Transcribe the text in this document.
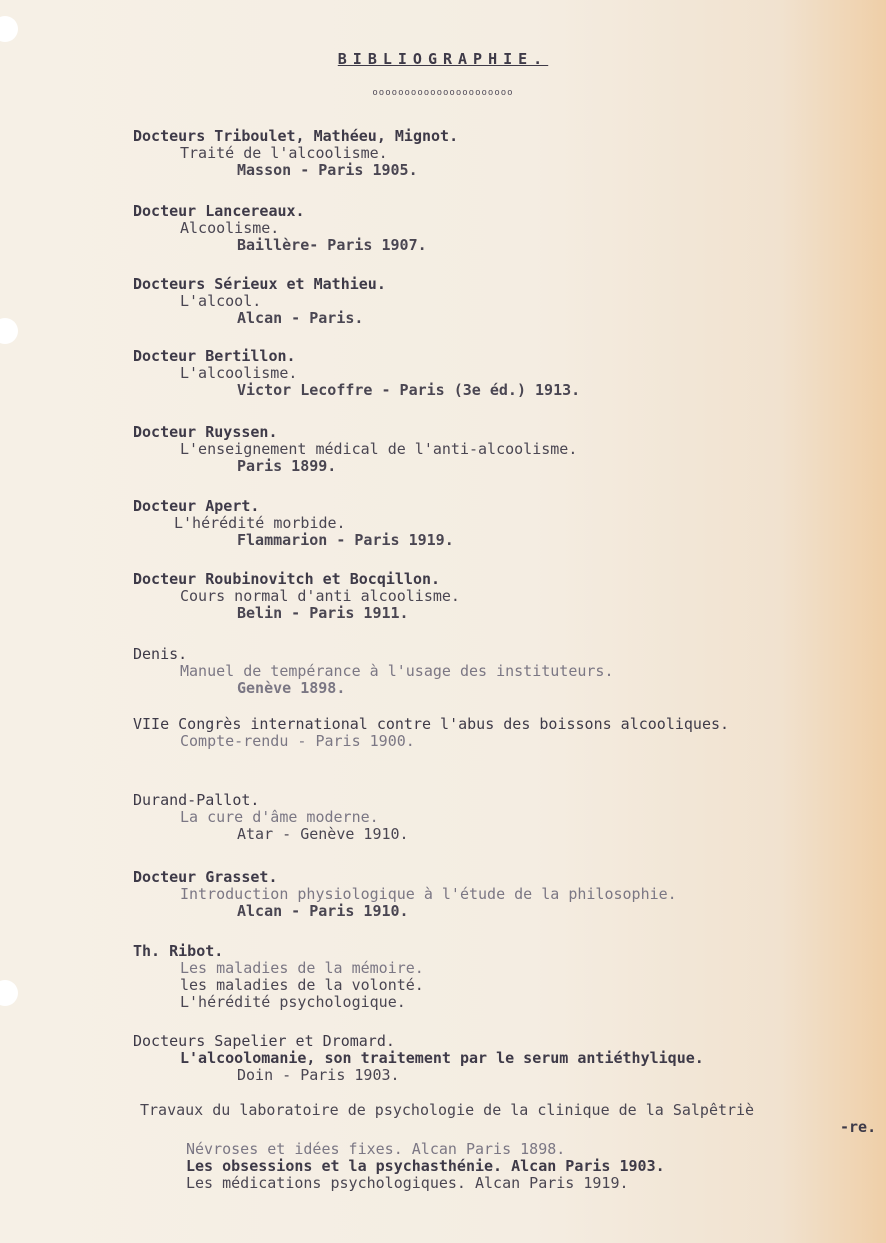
BIBLIOGRAPHIE.
oooooooooooooooooooooo
Docteurs Triboulet, Mathéeu, Mignot.
Traité de l'alcoolisme.
Masson - Paris 1905.
Docteur Lancereaux.
Alcoolisme.
Baillère- Paris 1907.
Docteurs Sérieux et Mathieu.
L'alcool.
Alcan - Paris.
Docteur Bertillon.
L'alcoolisme.
Victor Lecoffre - Paris (3e éd.) 1913.
Docteur Ruyssen.
L'enseignement médical de l'anti-alcoolisme.
Paris 1899.
Docteur Apert.
L'hérédité morbide.
Flammarion - Paris 1919.
Docteur Roubinovitch et Bocqillon.
Cours normal d'anti alcoolisme.
Belin - Paris 1911.
Denis.
Manuel de tempérance à l'usage des instituteurs.
Genève 1898.
VIIe Congrès international contre l'abus des boissons alcooliques.
Compte-rendu - Paris 1900.
Durand-Pallot.
La cure d'âme moderne.
Atar - Genève 1910.
Docteur Grasset.
Introduction physiologique à l'étude de la philosophie.
Alcan - Paris 1910.
Th. Ribot.
Les maladies de la mémoire.
les maladies de la volonté.
L'hérédité psychologique.
Docteurs Sapelier et Dromard.
L'alcoolomanie, son traitement par le serum antiéthylique.
Doin - Paris 1903.
Travaux du laboratoire de psychologie de la clinique de la Salpêtriè
-re.
Névroses et idées fixes. Alcan Paris 1898.
Les obsessions et la psychasthénie. Alcan Paris 1903.
Les médications psychologiques. Alcan Paris 1919.
